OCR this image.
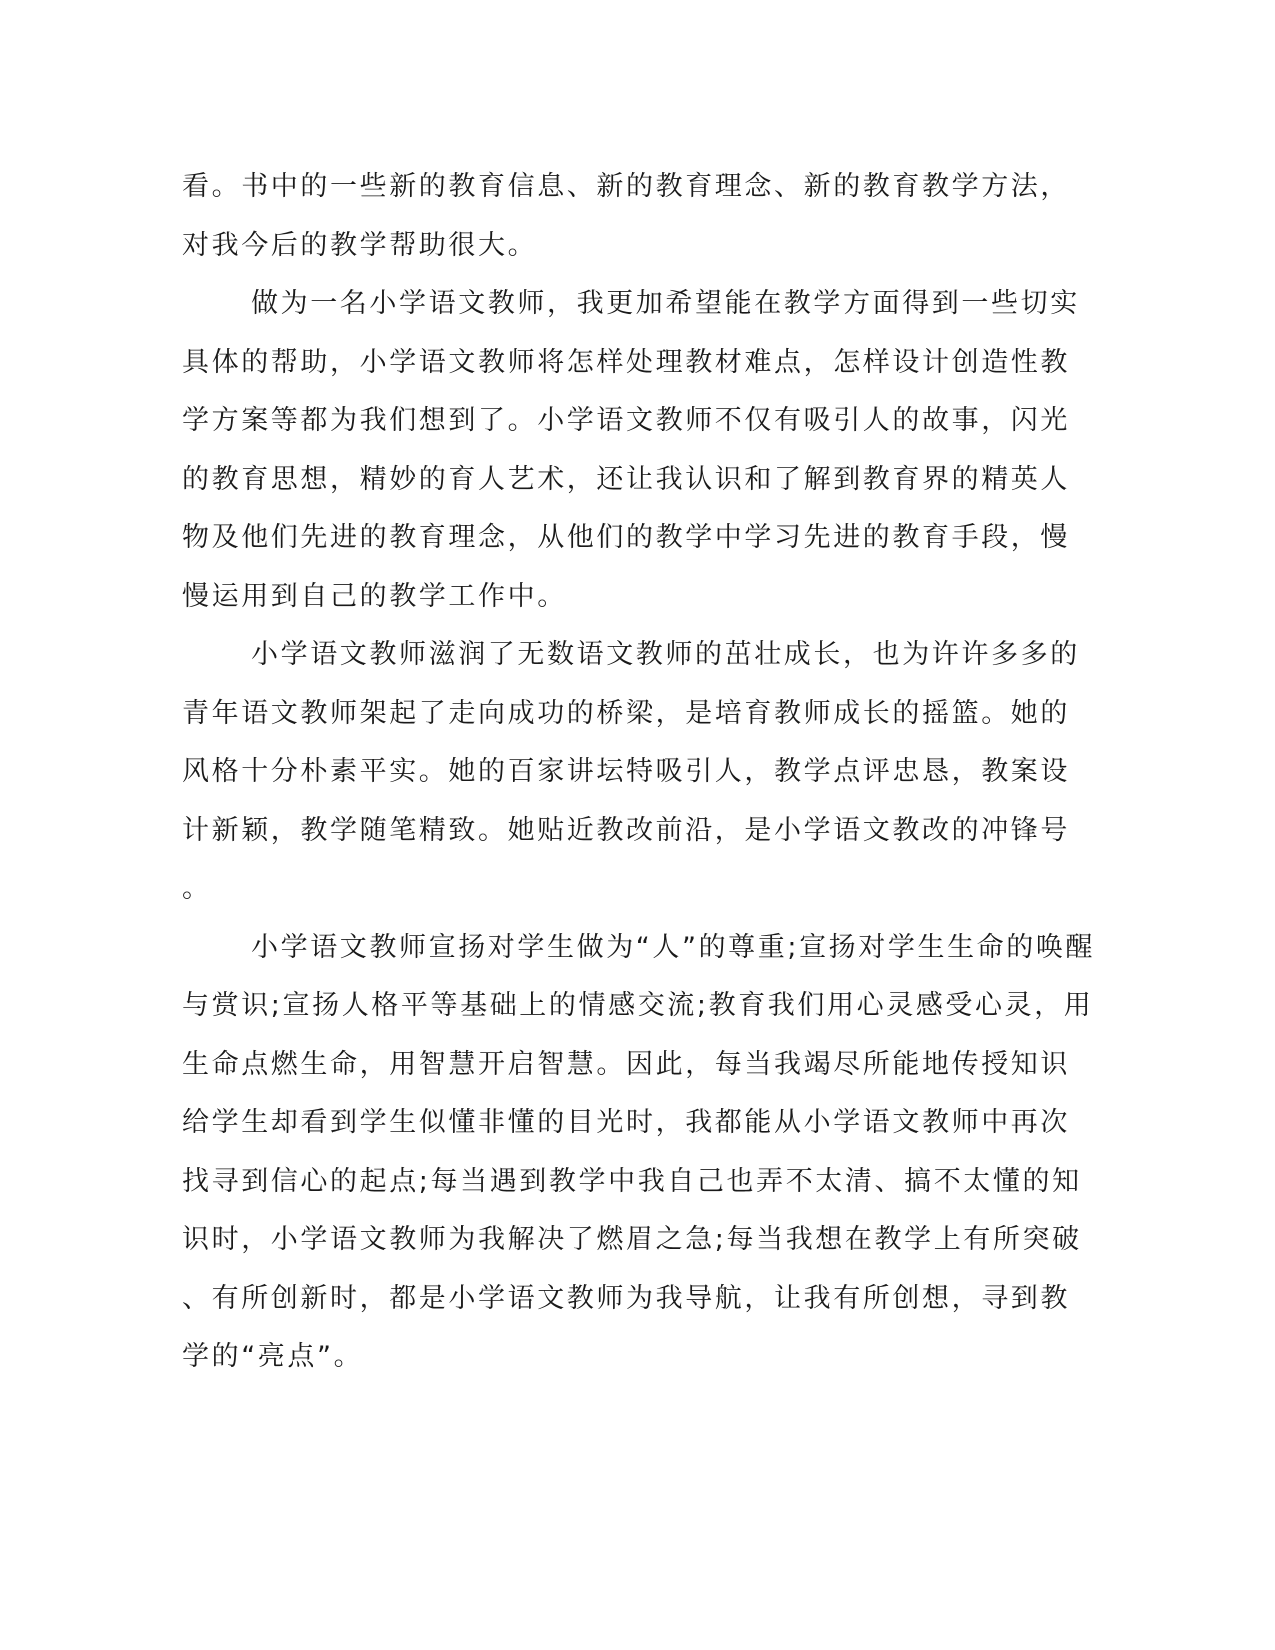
看。书中的一些新的教育信息、新的教育理念、新的教育教学方法，
对我今后的教学帮助很大。
做为一名小学语文教师，我更加希望能在教学方面得到一些切实
具体的帮助，小学语文教师将怎样处理教材难点，怎样设计创造性教
学方案等都为我们想到了。小学语文教师不仅有吸引人的故事，闪光
的教育思想，精妙的育人艺术，还让我认识和了解到教育界的精英人
物及他们先进的教育理念，从他们的教学中学习先进的教育手段，慢
慢运用到自己的教学工作中。
小学语文教师滋润了无数语文教师的茁壮成长，也为许许多多的
青年语文教师架起了走向成功的桥梁，是培育教师成长的摇篮。她的
风格十分朴素平实。她的百家讲坛特吸引人，教学点评忠恳，教案设
计新颖，教学随笔精致。她贴近教改前沿，是小学语文教改的冲锋号
。
小学语文教师宣扬对学生做为“人”的尊重;宣扬对学生生命的唤醒
与赏识;宣扬人格平等基础上的情感交流;教育我们用心灵感受心灵，用
生命点燃生命，用智慧开启智慧。因此，每当我竭尽所能地传授知识
给学生却看到学生似懂非懂的目光时，我都能从小学语文教师中再次
找寻到信心的起点;每当遇到教学中我自己也弄不太清、搞不太懂的知
识时，小学语文教师为我解决了燃眉之急;每当我想在教学上有所突破
、有所创新时，都是小学语文教师为我导航，让我有所创想，寻到教
学的“亮点”。
